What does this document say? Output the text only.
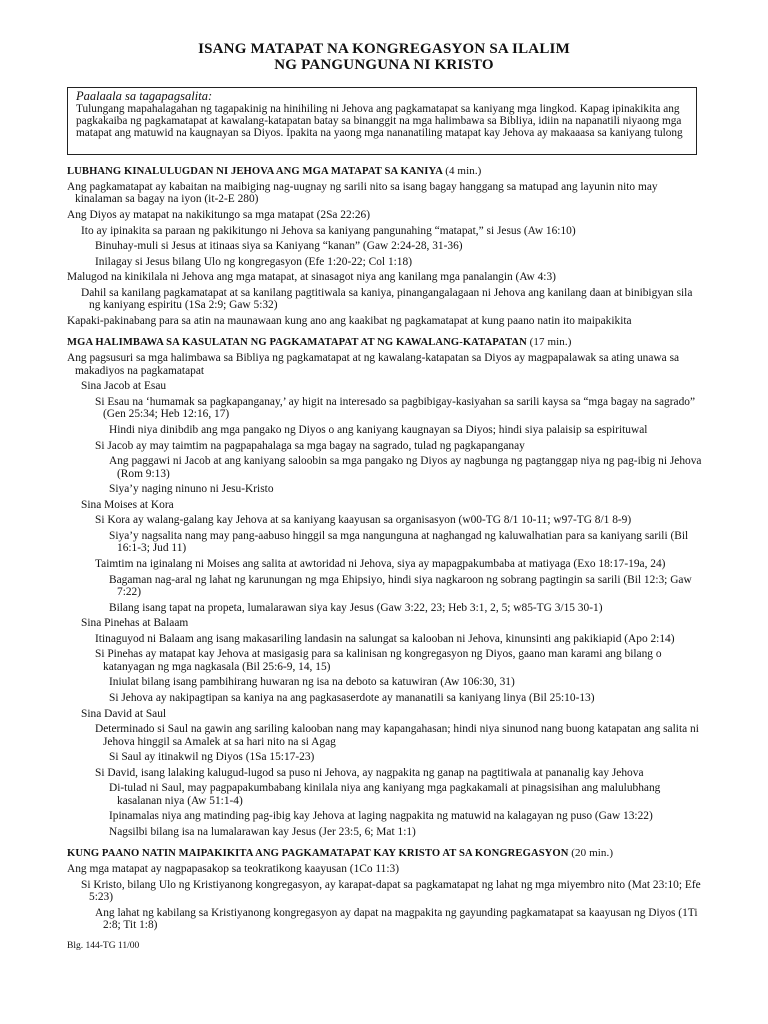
ISANG MATAPAT NA KONGREGASYON SA ILALIM
NG PANGUNGUNA NI KRISTO
Paalaala sa tagapagsalita:
Tulungang mapahalagahan ng tagapakinig na hinihiling ni Jehova ang pagkamatapat sa kaniyang mga lingkod. Kapag ipinakikita ang pagkakaiba ng pagkamatapat at kawalang-katapatan batay sa binanggit na mga halimbawa sa Bibliya, idiin na napanatili niyaong mga matapat ang matuwid na kaugnayan sa Diyos. Ipakita na yaong mga nananatiling matapat kay Jehova ay makaaasa sa kaniyang tulong
LUBHANG KINALULUGDAN NI JEHOVA ANG MGA MATAPAT SA KANIYA (4 min.)
Ang pagkamatapat ay kabaitan na maibiging nag-uugnay ng sarili nito sa isang bagay hanggang sa matupad ang layunin nito may kinalaman sa bagay na iyon (it-2-E 280)
Ang Diyos ay matapat na nakikitungo sa mga matapat (2Sa 22:26)
Ito ay ipinakita sa paraan ng pakikitungo ni Jehova sa kaniyang pangunahing “matapat,” si Jesus (Aw 16:10)
Binuhay-muli si Jesus at itinaas siya sa Kaniyang “kanan” (Gaw 2:24-28, 31-36)
Inilagay si Jesus bilang Ulo ng kongregasyon (Efe 1:20-22; Col 1:18)
Malugod na kinikilala ni Jehova ang mga matapat, at sinasagot niya ang kanilang mga panalangin (Aw 4:3)
Dahil sa kanilang pagkamatapat at sa kanilang pagtitiwala sa kaniya, pinangangalagaan ni Jehova ang kanilang daan at binibigyan sila ng kaniyang espiritu (1Sa 2:9; Gaw 5:32)
Kapaki-pakinabang para sa atin na maunawaan kung ano ang kaakibat ng pagkamatapat at kung paano natin ito maipakikita
MGA HALIMBAWA SA KASULATAN NG PAGKAMATAPAT AT NG KAWALANG-KATAPATAN (17 min.)
Ang pagsusuri sa mga halimbawa sa Bibliya ng pagkamatapat at ng kawalang-katapatan sa Diyos ay magpapalawak sa ating unawa sa makadiyos na pagkamatapat
Sina Jacob at Esau
Si Esau na ‘humamak sa pagkapanganay,’ ay higit na interesado sa pagbibigay-kasiyahan sa sarili kaysa sa “mga bagay na sagrado” (Gen 25:34; Heb 12:16, 17)
Hindi niya dinibdib ang mga pangako ng Diyos o ang kaniyang kaugnayan sa Diyos; hindi siya palaisip sa espirituwal
Si Jacob ay may taimtim na pagpapahalaga sa mga bagay na sagrado, tulad ng pagkapanganay
Ang paggawi ni Jacob at ang kaniyang saloobin sa mga pangako ng Diyos ay nagbunga ng pagtanggap niya ng pag-ibig ni Jehova (Rom 9:13)
Siya’y naging ninuno ni Jesu-Kristo
Sina Moises at Kora
Si Kora ay walang-galang kay Jehova at sa kaniyang kaayusan sa organisasyon (w00-TG 8/1 10-11; w97-TG 8/1 8-9)
Siya’y nagsalita nang may pang-aabuso hinggil sa mga nangunguna at naghangad ng kaluwalhatian para sa kaniyang sarili (Bil 16:1-3; Jud 11)
Taimtim na iginalang ni Moises ang salita at awtoridad ni Jehova, siya ay mapagpakumbaba at matiyaga (Exo 18:17-19a, 24)
Bagaman nag-aral ng lahat ng karunungan ng mga Ehipsiyo, hindi siya nagkaroon ng sobrang pagtingin sa sarili (Bil 12:3; Gaw 7:22)
Bilang isang tapat na propeta, lumalarawan siya kay Jesus (Gaw 3:22, 23; Heb 3:1, 2, 5; w85-TG 3/15 30-1)
Sina Pinehas at Balaam
Itinaguyod ni Balaam ang isang makasariling landasin na salungat sa kalooban ni Jehova, kinunsinti ang pakikiapid (Apo 2:14)
Si Pinehas ay matapat kay Jehova at masigasig para sa kalinisan ng kongregasyon ng Diyos, gaano man karami ang bilang o katanyagan ng mga nagkasala (Bil 25:6-9, 14, 15)
Iniulat bilang isang pambihirang huwaran ng isa na deboto sa katuwiran (Aw 106:30, 31)
Si Jehova ay nakipagtipan sa kaniya na ang pagkasaserdote ay mananatili sa kaniyang linya (Bil 25:10-13)
Sina David at Saul
Determinado si Saul na gawin ang sariling kalooban nang may kapangahasan; hindi niya sinunod nang buong katapatan ang salita ni Jehova hinggil sa Amalek at sa hari nito na si Agag
Si Saul ay itinakwil ng Diyos (1Sa 15:17-23)
Si David, isang lalaking kalugud-lugod sa puso ni Jehova, ay nagpakita ng ganap na pagtitiwala at pananalig kay Jehova
Di-tulad ni Saul, may pagpapakumbabang kinilala niya ang kaniyang mga pagkakamali at pinagsisihan ang malulubhang kasalanan niya (Aw 51:1-4)
Ipinamalas niya ang matinding pag-ibig kay Jehova at laging nagpakita ng matuwid na kalagayan ng puso (Gaw 13:22)
Nagsilbi bilang isa na lumalarawan kay Jesus (Jer 23:5, 6; Mat 1:1)
KUNG PAANO NATIN MAIPAKIKITA ANG PAGKAMATAPAT KAY KRISTO AT SA KONGREGASYON (20 min.)
Ang mga matapat ay nagpapasakop sa teokratikong kaayusan (1Co 11:3)
Si Kristo, bilang Ulo ng Kristiyanong kongregasyon, ay karapat-dapat sa pagkamatapat ng lahat ng mga miyembro nito (Mat 23:10; Efe 5:23)
Ang lahat ng kabilang sa Kristiyanong kongregasyon ay dapat na magpakita ng gayunding pagkamatapat sa kaayusan ng Diyos (1Ti 2:8; Tit 1:8)
Blg. 144-TG 11/00
